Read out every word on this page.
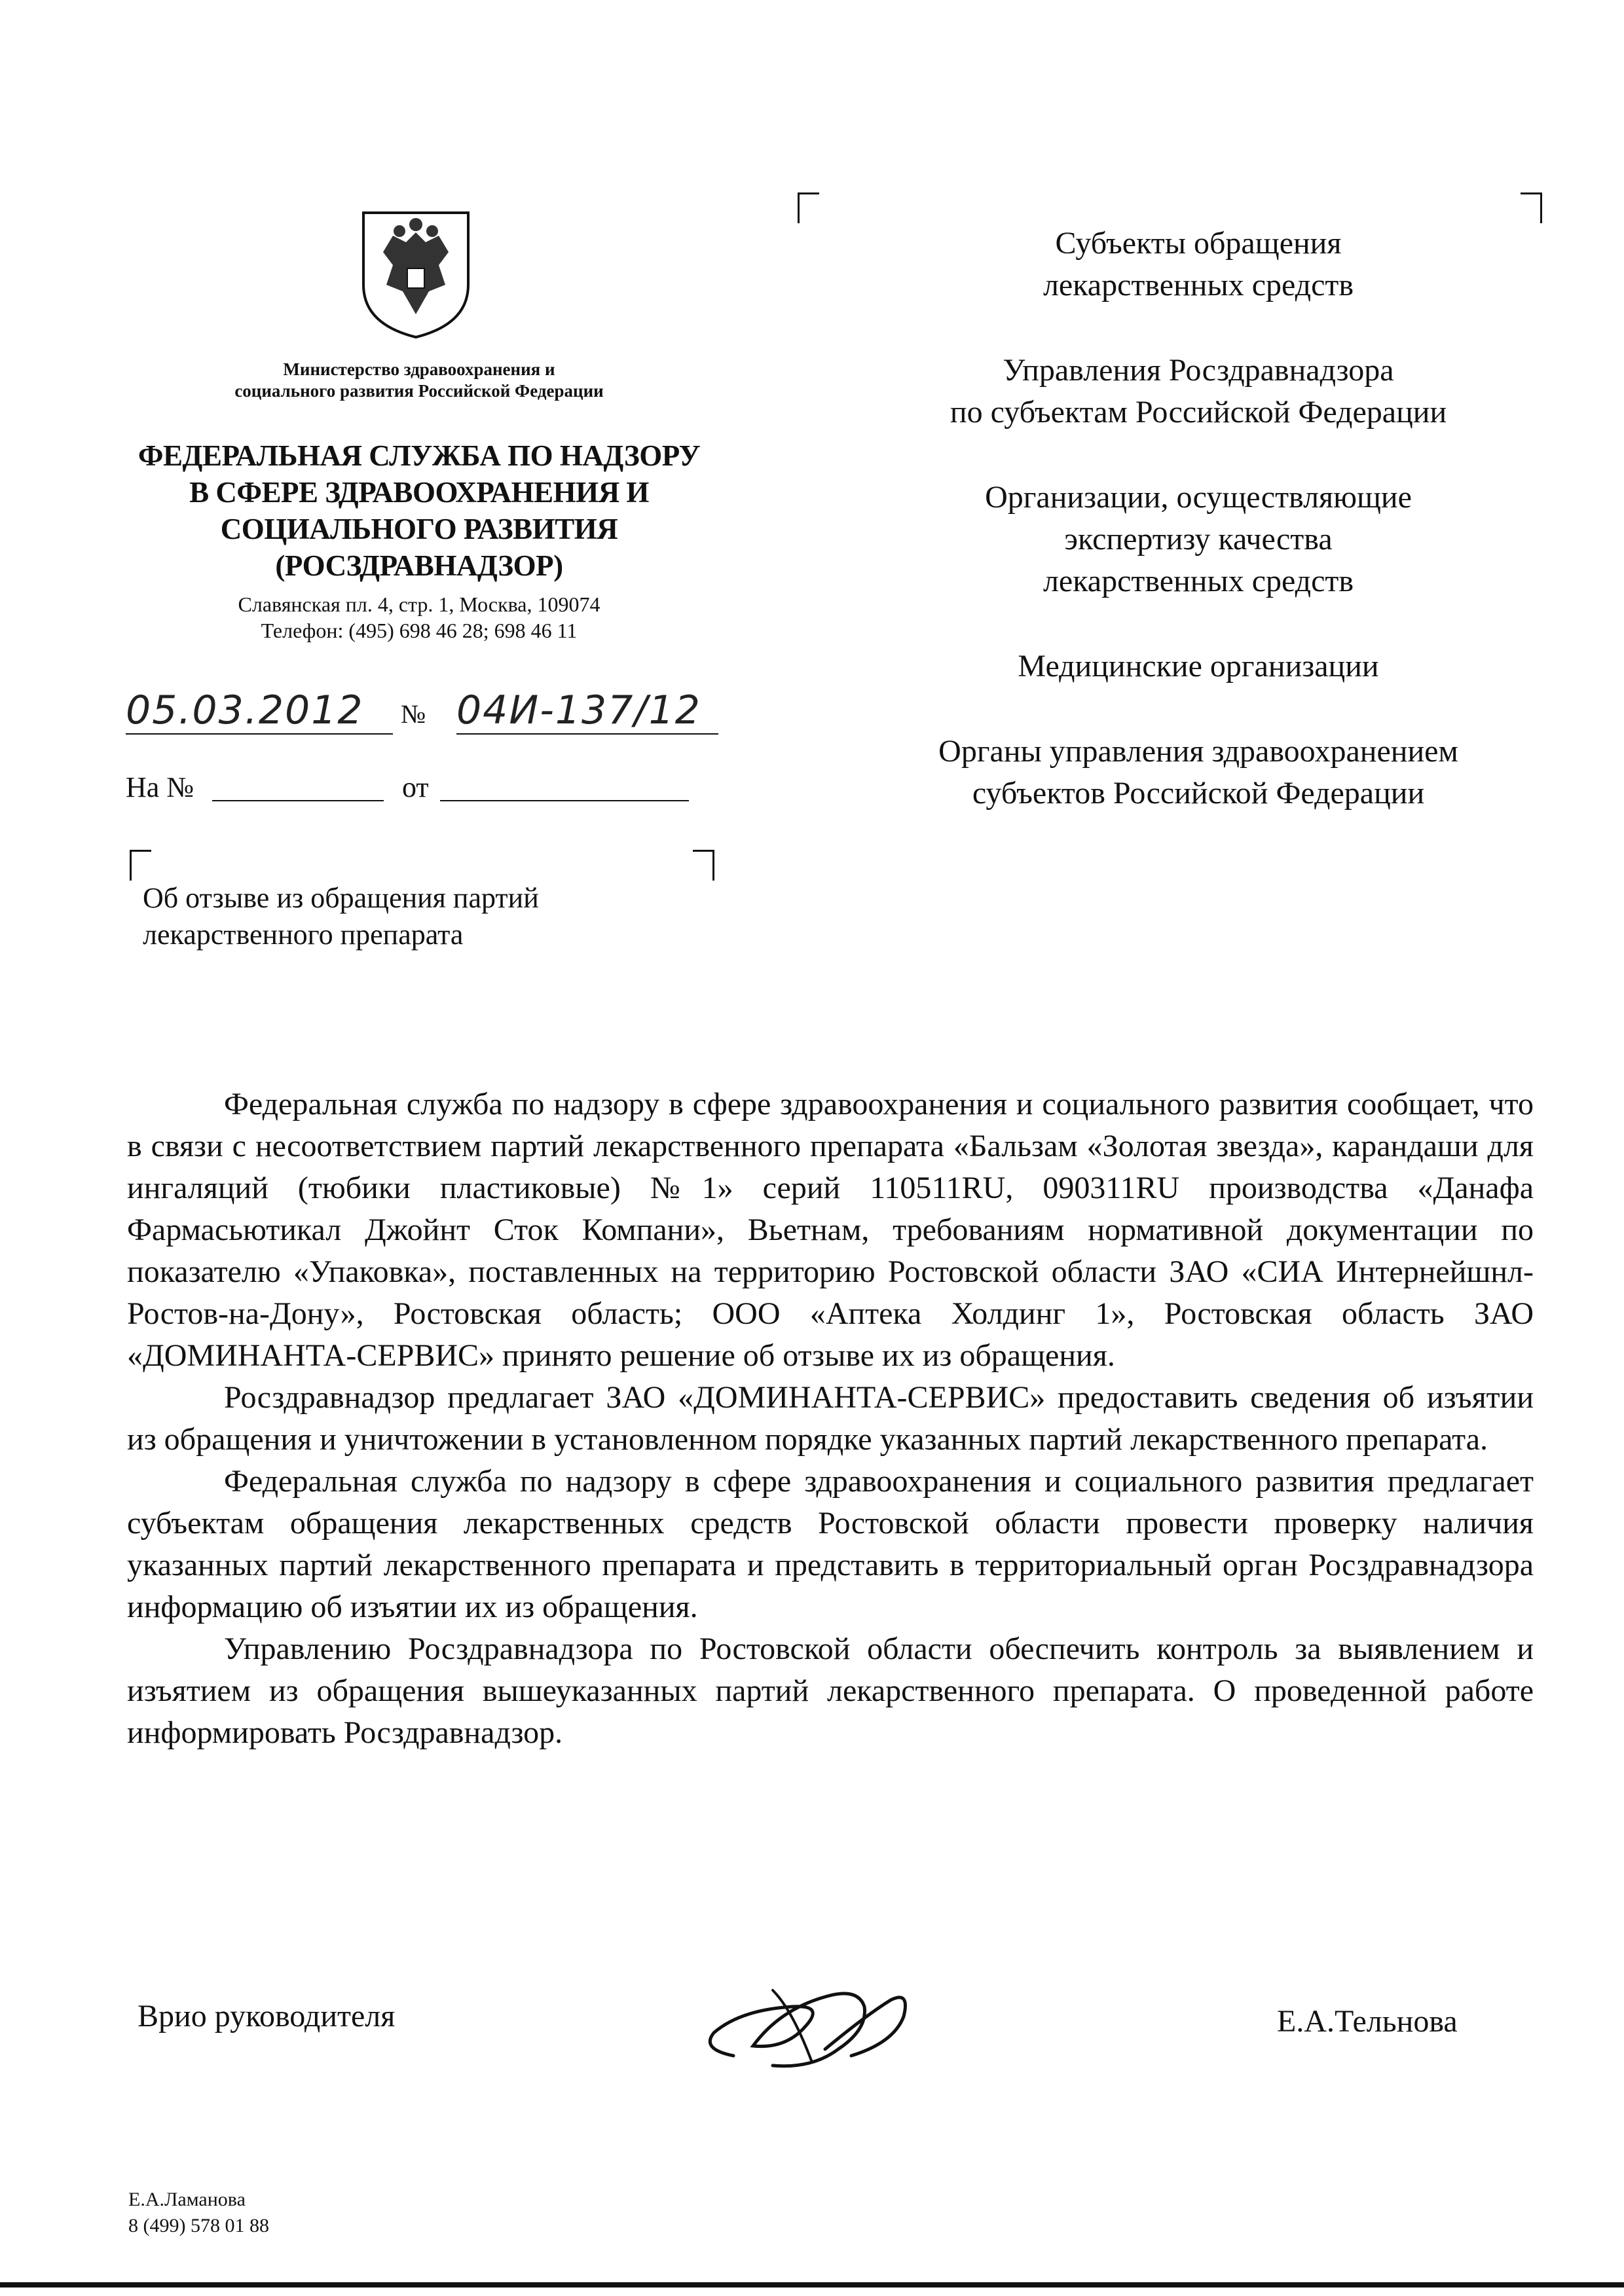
Министерство здравоохранения и
социального развития Российской Федерации
ФЕДЕРАЛЬНАЯ СЛУЖБА ПО НАДЗОРУ
В СФЕРЕ ЗДРАВООХРАНЕНИЯ И
СОЦИАЛЬНОГО РАЗВИТИЯ
(РОСЗДРАВНАДЗОР)
Славянская пл. 4, стр. 1, Москва, 109074
Телефон: (495) 698 46 28; 698 46 11
05.03.2012	№ 04И-137/12
На №	от
Об отзыве из обращения партий
лекарственного препарата
Субъекты обращения
лекарственных средств
Управления Росздравнадзора
по субъектам Российской Федерации
Организации, осуществляющие
экспертизу качества
лекарственных средств
Медицинские организации
Органы управления здравоохранением
субъектов Российской Федерации

Федеральная служба по надзору в сфере здравоохранения и социального развития сообщает, что в связи с несоответствием партий лекарственного препарата «Бальзам «Золотая звезда», карандаши для ингаляций (тюбики пластиковые) №1» серий 110511RU, 090311RU производства «Данафа Фармасьютикал Джойнт Сток Компани», Вьетнам, требованиям нормативной документации по показателю «Упаковка», поставленных на территорию Ростовской области ЗАО «СИА Интернейшнл-Ростов-на-Дону», Ростовская область; ООО «Аптека Холдинг 1», Ростовская область ЗАО «ДОМИНАНТА-СЕРВИС» принято решение об отзыве их из обращения.

Росздравнадзор предлагает ЗАО «ДОМИНАНТА-СЕРВИС» предоставить сведения об изъятии из обращения и уничтожении в установленном порядке указанных партий лекарственного препарата.

Федеральная служба по надзору в сфере здравоохранения и социального развития предлагает субъектам обращения лекарственных средств Ростовской области провести проверку наличия указанных партий лекарственного препарата и представить в территориальный орган Росздравнадзора информацию об изъятии их из обращения.

Управлению Росздравнадзора по Ростовской области обеспечить контроль за выявлением и изъятием из обращения вышеуказанных партий лекарственного препарата. О проведенной работе информировать Росздравнадзор.

Врио руководителя	Е.А.Тельнова
Е.А.Ламанова
8 (499) 578 01 88
